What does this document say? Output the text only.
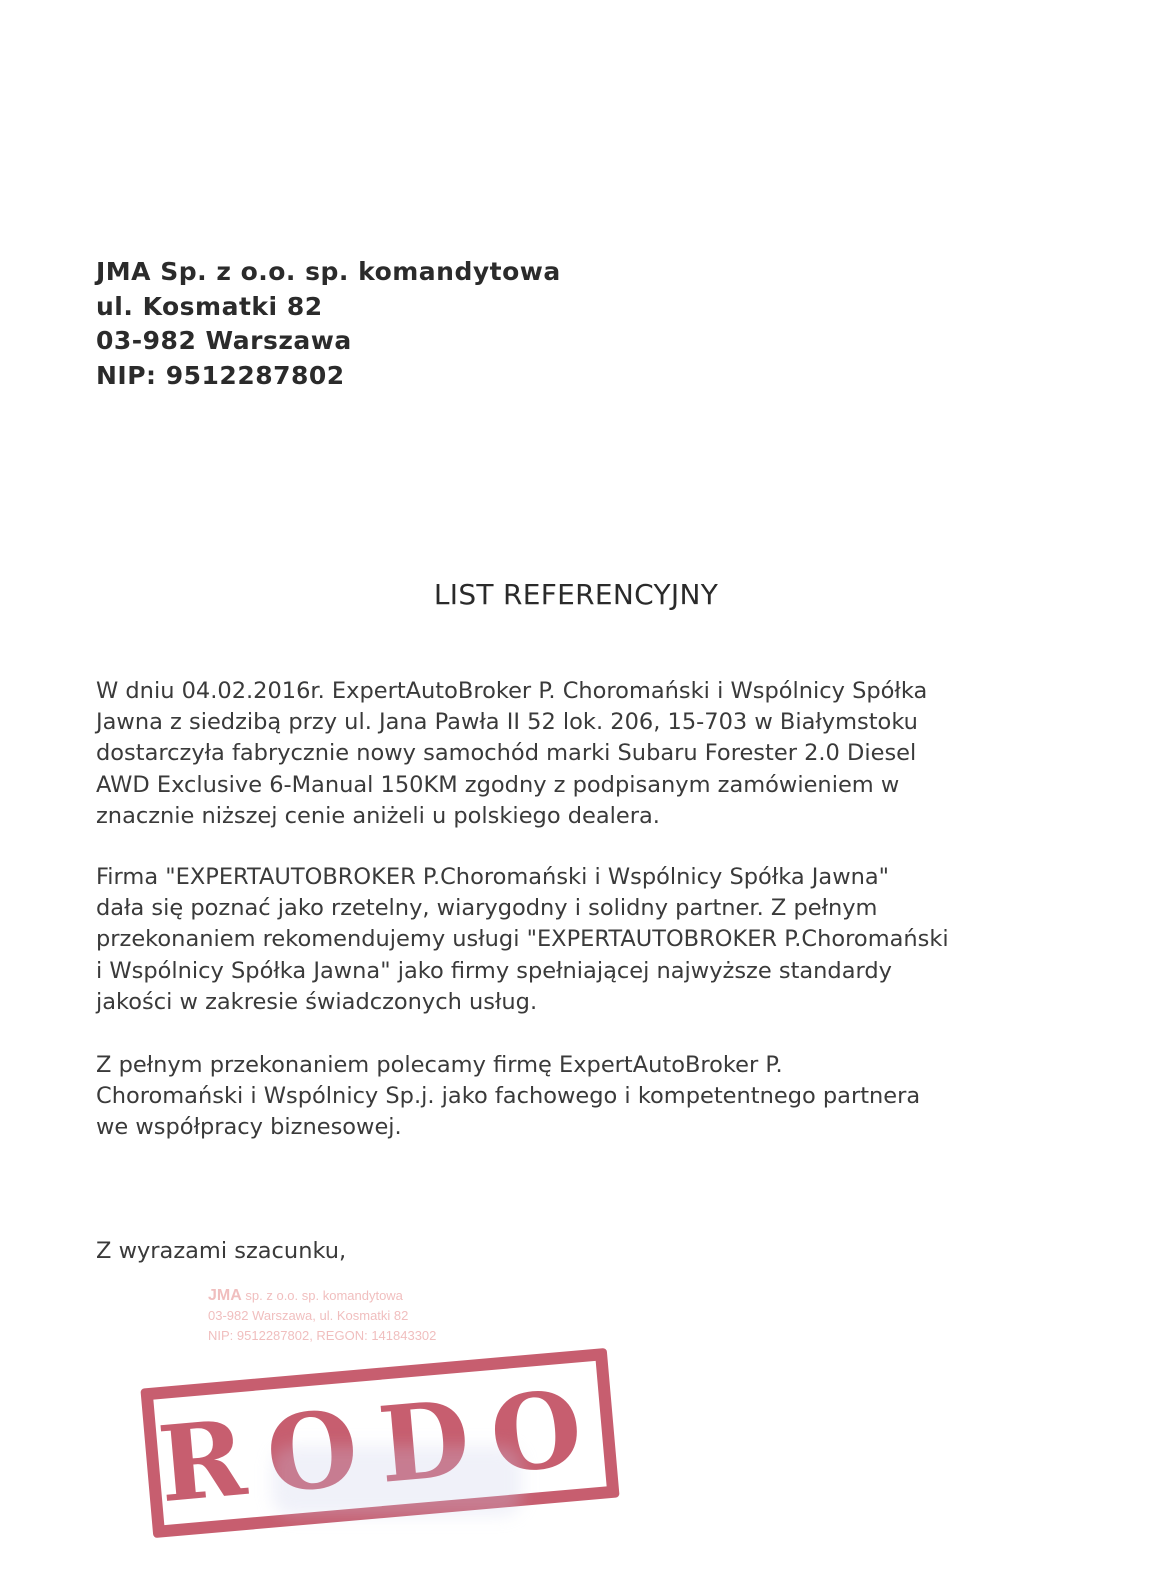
JMA Sp. z o.o. sp. komandytowa
ul. Kosmatki 82
03-982 Warszawa
NIP: 9512287802
LIST REFERENCYJNY
W dniu 04.02.2016r. ExpertAutoBroker P. Choromański i Wspólnicy Spółka
Jawna z siedzibą przy ul. Jana Pawła II 52 lok. 206, 15-703 w Białymstoku
dostarczyła fabrycznie nowy samochód marki Subaru Forester 2.0 Diesel
AWD Exclusive 6-Manual 150KM zgodny z podpisanym zamówieniem w
znacznie niższej cenie aniżeli u polskiego dealera.
Firma "EXPERTAUTOBROKER P.Choromański i Wspólnicy Spółka Jawna"
dała się poznać jako rzetelny, wiarygodny i solidny partner. Z pełnym
przekonaniem rekomendujemy usługi "EXPERTAUTOBROKER P.Choromański
i Wspólnicy Spółka Jawna" jako firmy spełniającej najwyższe standardy
jakości w zakresie świadczonych usług.
Z pełnym przekonaniem polecamy firmę ExpertAutoBroker P.
Choromański i Wspólnicy Sp.j. jako fachowego i kompetentnego partnera
we współpracy biznesowej.
Z wyrazami szacunku,
JMA sp. z o.o. sp. komandytowa
03-982 Warszawa, ul. Kosmatki 82
NIP: 9512287802, REGON: 141843302
RODO
